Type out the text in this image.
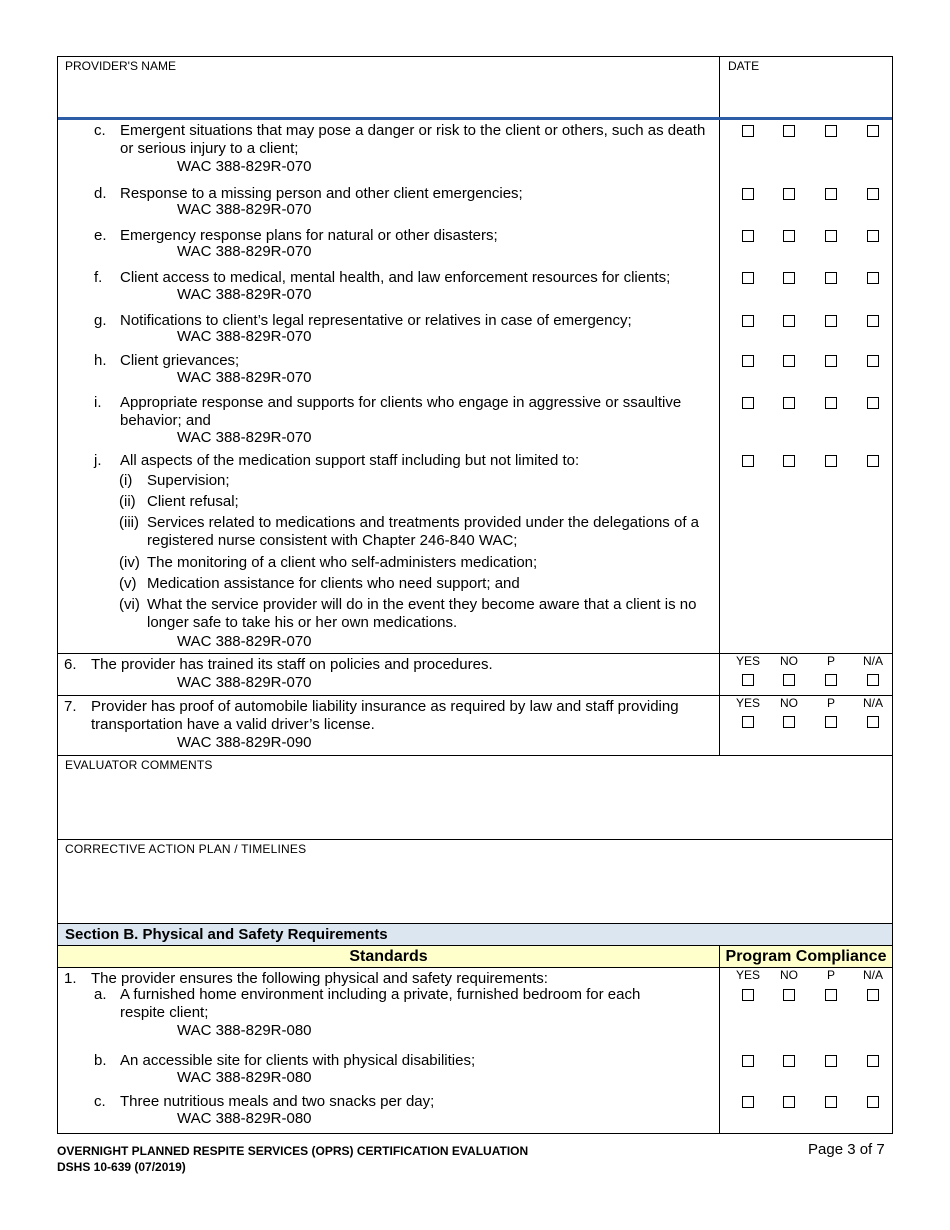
PROVIDER'S NAME	DATE
c. Emergent situations that may pose a danger or risk to the client or others, such as death or serious injury to a client;
WAC 388-829R-070
d. Response to a missing person and other client emergencies;
WAC 388-829R-070
e. Emergency response plans for natural or other disasters;
WAC 388-829R-070
f. Client access to medical, mental health, and law enforcement resources for clients;
WAC 388-829R-070
g. Notifications to client’s legal representative or relatives in case of emergency;
WAC 388-829R-070
h. Client grievances;
WAC 388-829R-070
i. Appropriate response and supports for clients who engage in aggressive or ssaultive behavior; and
WAC 388-829R-070
j. All aspects of the medication support staff including but not limited to:
(i) Supervision;
(ii) Client refusal;
(iii) Services related to medications and treatments provided under the delegations of a registered nurse consistent with Chapter 246-840 WAC;
(iv) The monitoring of a client who self-administers medication;
(v) Medication assistance for clients who need support; and
(vi) What the service provider will do in the event they become aware that a client is no longer safe to take his or her own medications.
WAC 388-829R-070
6. The provider has trained its staff on policies and procedures.
WAC 388-829R-070
YES	NO	P	N/A
7. Provider has proof of automobile liability insurance as required by law and staff providing transportation have a valid driver’s license.
WAC 388-829R-090
YES	NO	P	N/A
EVALUATOR COMMENTS
CORRECTIVE ACTION PLAN / TIMELINES
Section B. Physical and Safety Requirements
Standards	Program Compliance
1. The provider ensures the following physical and safety requirements:	YES	NO	P	N/A
a. A furnished home environment including a private, furnished bedroom for each respite client;
WAC 388-829R-080
b. An accessible site for clients with physical disabilities;
WAC 388-829R-080
c. Three nutritious meals and two snacks per day;
WAC 388-829R-080
OVERNIGHT PLANNED RESPITE SERVICES (OPRS) CERTIFICATION EVALUATION
DSHS 10-639 (07/2019)
Page 3 of 7
